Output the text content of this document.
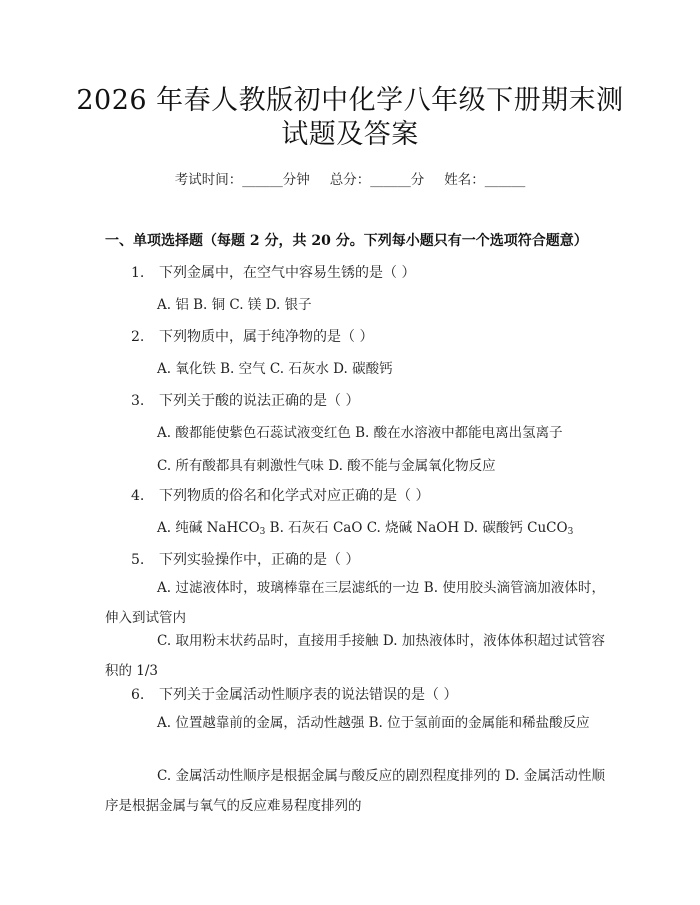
2026 年春人教版初中化学八年级下册期末测
试题及答案
考试时间：______分钟 总分：______分 姓名：______
一、单项选择题（每题 2 分，共 20 分。下列每小题只有一个选项符合题意）
1. 下列金属中，在空气中容易生锈的是（ ）
A. 铝 B. 铜 C. 镁 D. 银子
2. 下列物质中，属于纯净物的是（ ）
A. 氧化铁 B. 空气 C. 石灰水 D. 碳酸钙
3. 下列关于酸的说法正确的是（ ）
A. 酸都能使紫色石蕊试液变红色 B. 酸在水溶液中都能电离出氢离子
C. 所有酸都具有刺激性气味 D. 酸不能与金属氧化物反应
4. 下列物质的俗名和化学式对应正确的是（ ）
A. 纯碱 NaHCO$_3$ B. 石灰石 CaO C. 烧碱 NaOH D. 碳酸钙 CuCO$_3$
5. 下列实验操作中，正确的是（ ）
A. 过滤液体时，玻璃棒靠在三层滤纸的一边 B. 使用胶头滴管滴加液体时，伸入到试管内
C. 取用粉末状药品时，直接用手接触 D. 加热液体时，液体体积超过试管容积的 1/3
6. 下列关于金属活动性顺序表的说法错误的是（ ）
A. 位置越靠前的金属，活动性越强 B. 位于氢前面的金属能和稀盐酸反应
C. 金属活动性顺序是根据金属与酸反应的剧烈程度排列的 D. 金属活动性顺序是根据金属与氧气的反应难易程度排列的
